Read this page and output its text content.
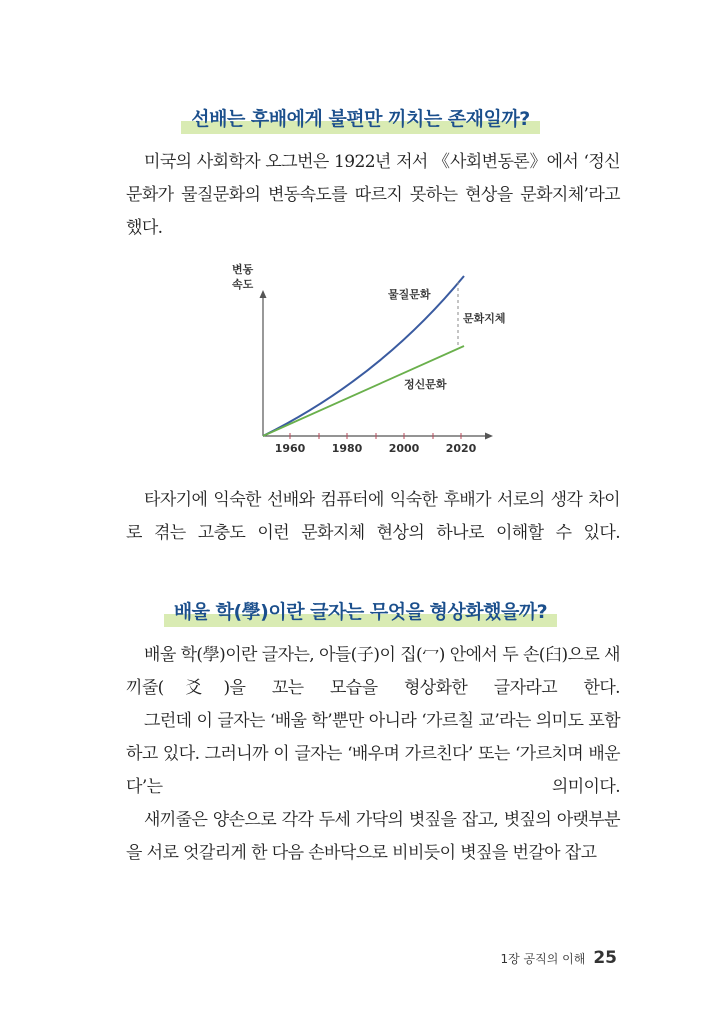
선배는 후배에게 불편만 끼치는 존재일까?

미국의 사회학자 오그번은 1922년 저서 《사회변동론》에서 ‘정신문화가 물질문화의 변동속도를 따르지 못하는 현상을 문화지체’라고 했다.

변동
속도
1960 1980 2000 2020
물질문화
문화지체
정신문화

타자기에 익숙한 선배와 컴퓨터에 익숙한 후배가 서로의 생각 차이로 겪는 고충도 이런 문화지체 현상의 하나로 이해할 수 있다.

배울 학(學)이란 글자는 무엇을 형상화했을까?

배울 학(學)이란 글자는, 아들(子)이 집(冖) 안에서 두 손(臼)으로 새끼줄(爻)을 꼬는 모습을 형상화한 글자라고 한다.

그런데 이 글자는 ‘배울 학’뿐만 아니라 ‘가르칠 교’라는 의미도 포함하고 있다. 그러니까 이 글자는 ‘배우며 가르친다’ 또는 ‘가르치며 배운다’는 의미이다.

새끼줄은 양손으로 각각 두세 가닥의 볏짚을 잡고, 볏짚의 아랫부분을 서로 엇갈리게 한 다음 손바닥으로 비비듯이 볏짚을 번갈아 잡고

1장 공직의 이해 25
